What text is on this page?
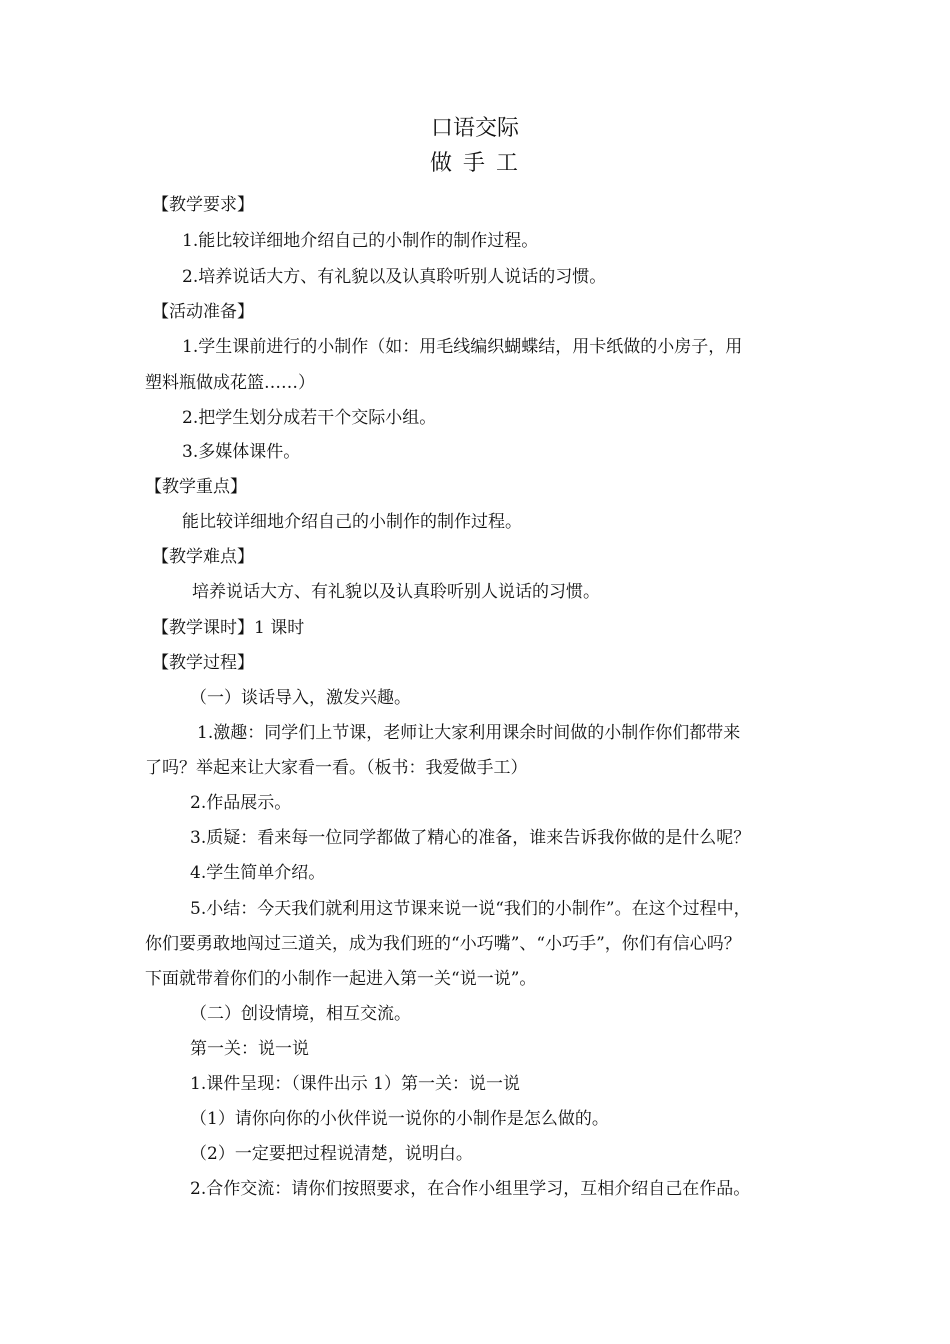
口语交际
做 手 工
【教学要求】
1.能比较详细地介绍自己的小制作的制作过程。
2.培养说话大方、有礼貌以及认真聆听别人说话的习惯。
【活动准备】
1.学生课前进行的小制作（如：用毛线编织蝴蝶结，用卡纸做的小房子，用
塑料瓶做成花篮……）
2.把学生划分成若干个交际小组。
3.多媒体课件。
【教学重点】
能比较详细地介绍自己的小制作的制作过程。
【教学难点】
培养说话大方、有礼貌以及认真聆听别人说话的习惯。
【教学课时】1 课时
【教学过程】
（一）谈话导入，激发兴趣。
1.激趣：同学们上节课，老师让大家利用课余时间做的小制作你们都带来
了吗？举起来让大家看一看。（板书：我爱做手工）
2.作品展示。
3.质疑：看来每一位同学都做了精心的准备，谁来告诉我你做的是什么呢？
4.学生简单介绍。
5.小结：今天我们就利用这节课来说一说“我们的小制作”。在这个过程中，
你们要勇敢地闯过三道关，成为我们班的“小巧嘴”、“小巧手”，你们有信心吗？
下面就带着你们的小制作一起进入第一关“说一说”。
（二）创设情境，相互交流。
第一关：说一说
1.课件呈现：（课件出示 1）第一关：说一说
（1）请你向你的小伙伴说一说你的小制作是怎么做的。
（2）一定要把过程说清楚，说明白。
2.合作交流：请你们按照要求，在合作小组里学习，互相介绍自己在作品。
